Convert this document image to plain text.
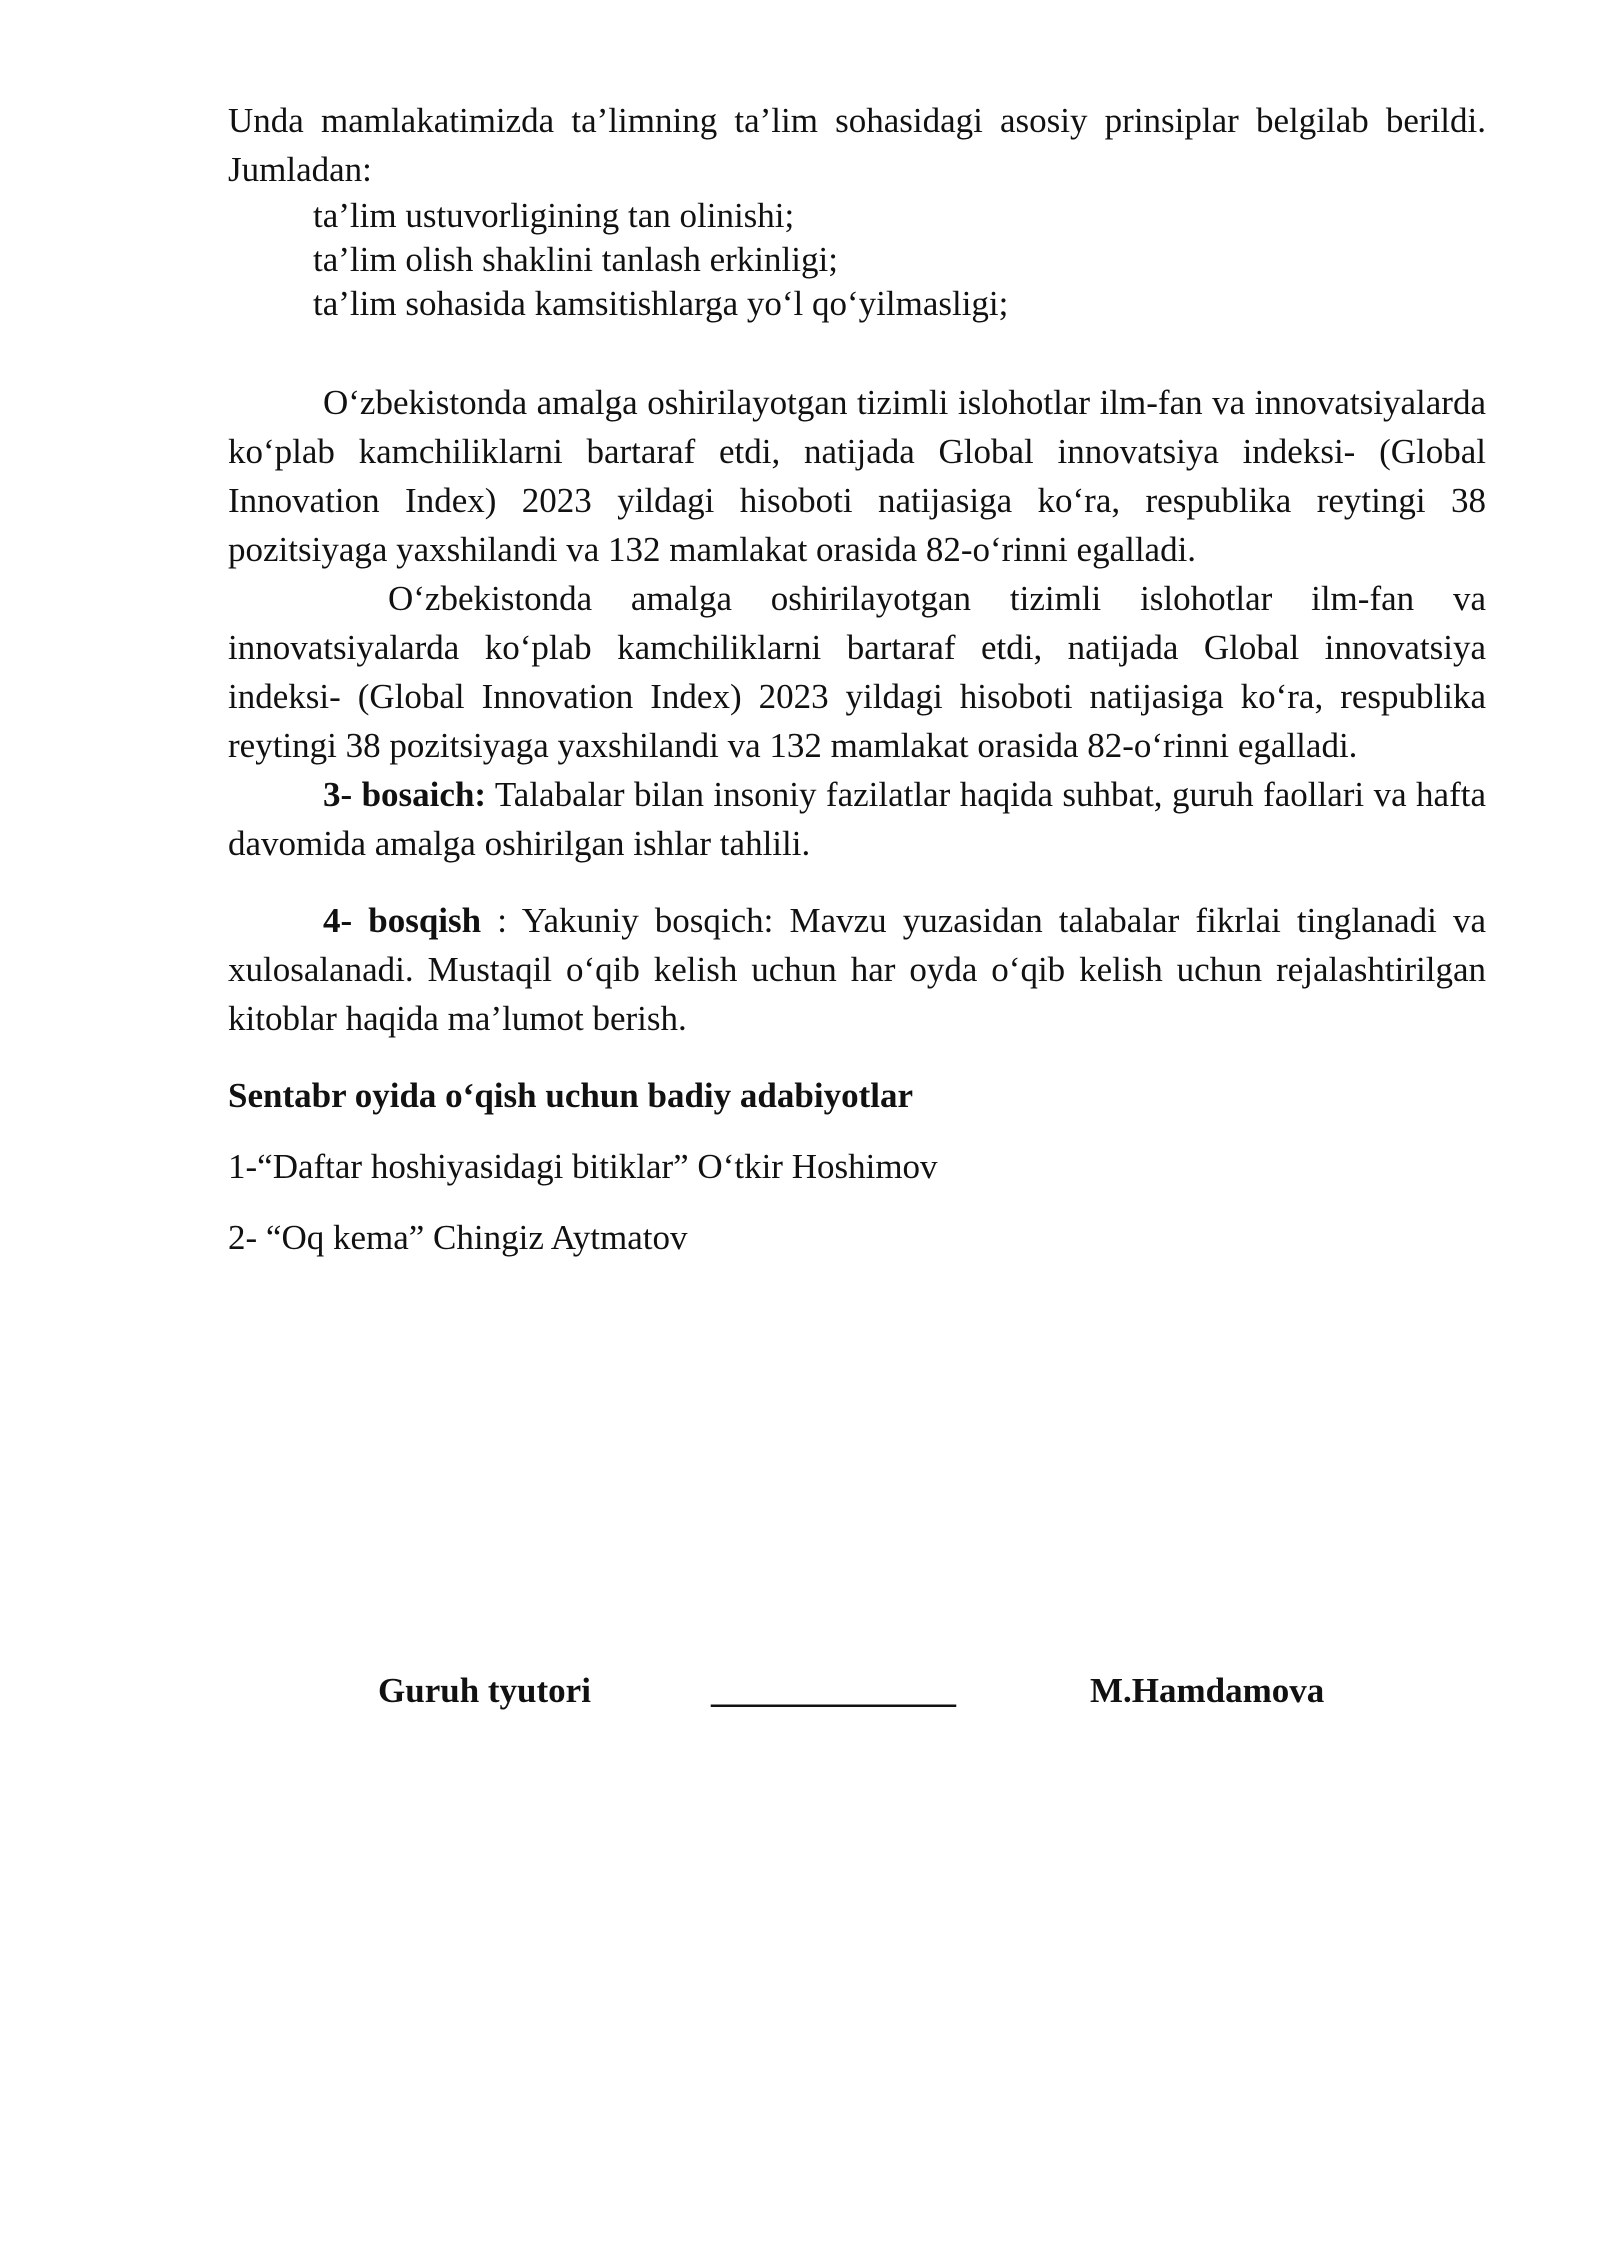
Unda mamlakatimizda ta’limning ta’lim sohasidagi asosiy prinsiplar belgilab berildi. Jumladan:

ta’lim ustuvorligining tan olinishi;
ta’lim olish shaklini tanlash erkinligi;
ta’lim sohasida kamsitishlarga yo‘l qo‘yilmasligi;

O‘zbekistonda amalga oshirilayotgan tizimli islohotlar ilm-fan va innovatsiyalarda ko‘plab kamchiliklarni bartaraf etdi, natijada Global innovatsiya indeksi- (Global Innovation Index) 2023 yildagi hisoboti natijasiga ko‘ra, respublika reytingi 38 pozitsiyaga yaxshilandi va 132 mamlakat orasida 82-o‘rinni egalladi.

O‘zbekistonda amalga oshirilayotgan tizimli islohotlar ilm-fan va innovatsiyalarda ko‘plab kamchiliklarni bartaraf etdi, natijada Global innovatsiya indeksi- (Global Innovation Index) 2023 yildagi hisoboti natijasiga ko‘ra, respublika reytingi 38 pozitsiyaga yaxshilandi va 132 mamlakat orasida 82-o‘rinni egalladi.

3- bosaich: Talabalar bilan insoniy fazilatlar haqida suhbat, guruh faollari va hafta davomida amalga oshirilgan ishlar tahlili.

4- bosqish : Yakuniy bosqich: Mavzu yuzasidan talabalar fikrlai tinglanadi va xulosalanadi. Mustaqil o‘qib kelish uchun har oyda o‘qib kelish uchun rejalashtirilgan kitoblar haqida ma’lumot berish.

Sentabr oyida o‘qish uchun badiy adabiyotlar

1-“Daftar hoshiyasidagi bitiklar” O‘tkir Hoshimov

2- “Oq kema” Chingiz Aytmatov

Guruh tyutori	______________	M.Hamdamova
